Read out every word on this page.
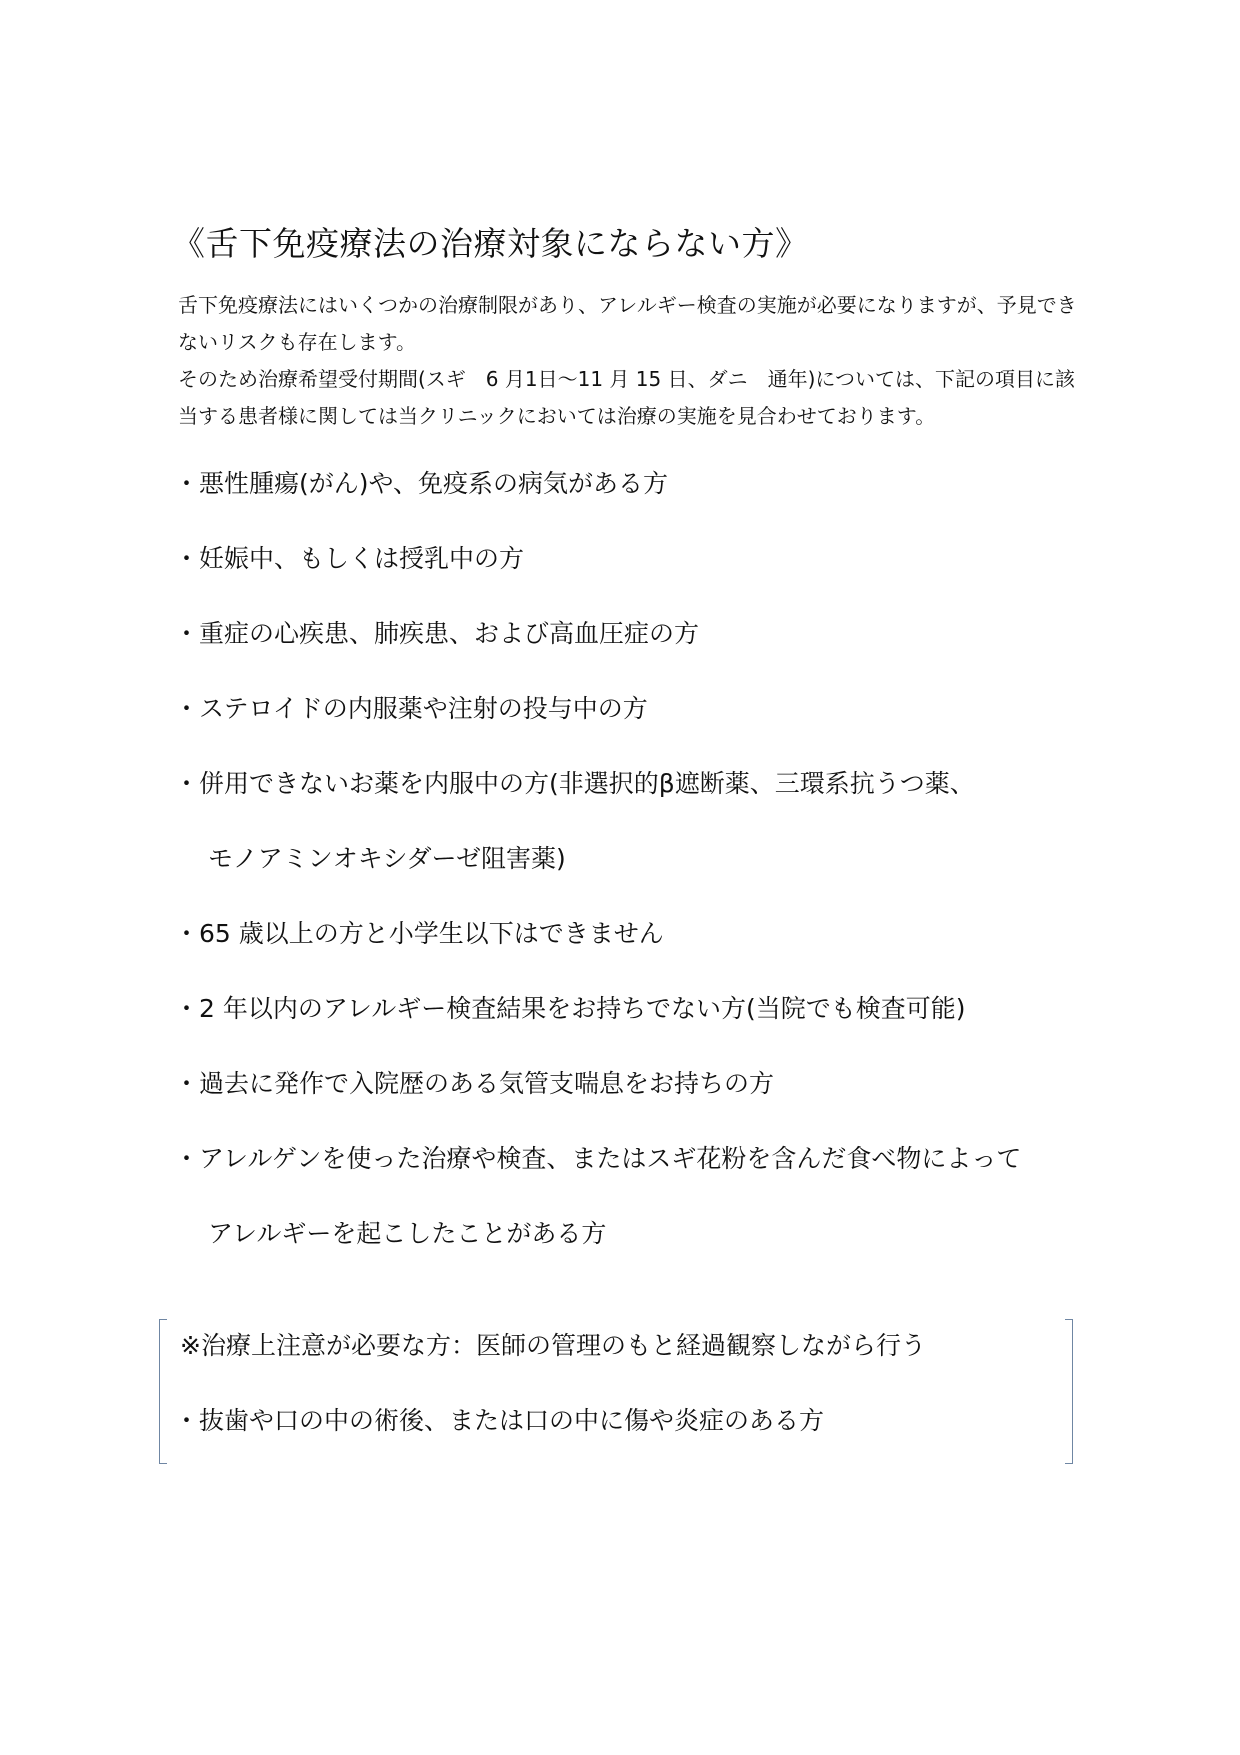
《舌下免疫療法の治療対象にならない方》

舌下免疫療法にはいくつかの治療制限があり、アレルギー検査の実施が必要になりますが、予見できないリスクも存在します。

そのため治療希望受付期間(スギ　6 月1日～11 月 15 日、ダニ　通年)については、下記の項目に該当する患者様に関しては当クリニックにおいては治療の実施を見合わせております。

・悪性腫瘍(がん)や、免疫系の病気がある方
・妊娠中、もしくは授乳中の方
・重症の心疾患、肺疾患、および高血圧症の方
・ステロイドの内服薬や注射の投与中の方
・併用できないお薬を内服中の方(非選択的β遮断薬、三環系抗うつ薬、
モノアミンオキシダーゼ阻害薬)
・65 歳以上の方と小学生以下はできません
・2 年以内のアレルギー検査結果をお持ちでない方(当院でも検査可能)
・過去に発作で入院歴のある気管支喘息をお持ちの方
・アレルゲンを使った治療や検査、またはスギ花粉を含んだ食べ物によって
アレルギーを起こしたことがある方
※治療上注意が必要な方：医師の管理のもと経過観察しながら行う
・抜歯や口の中の術後、または口の中に傷や炎症のある方
